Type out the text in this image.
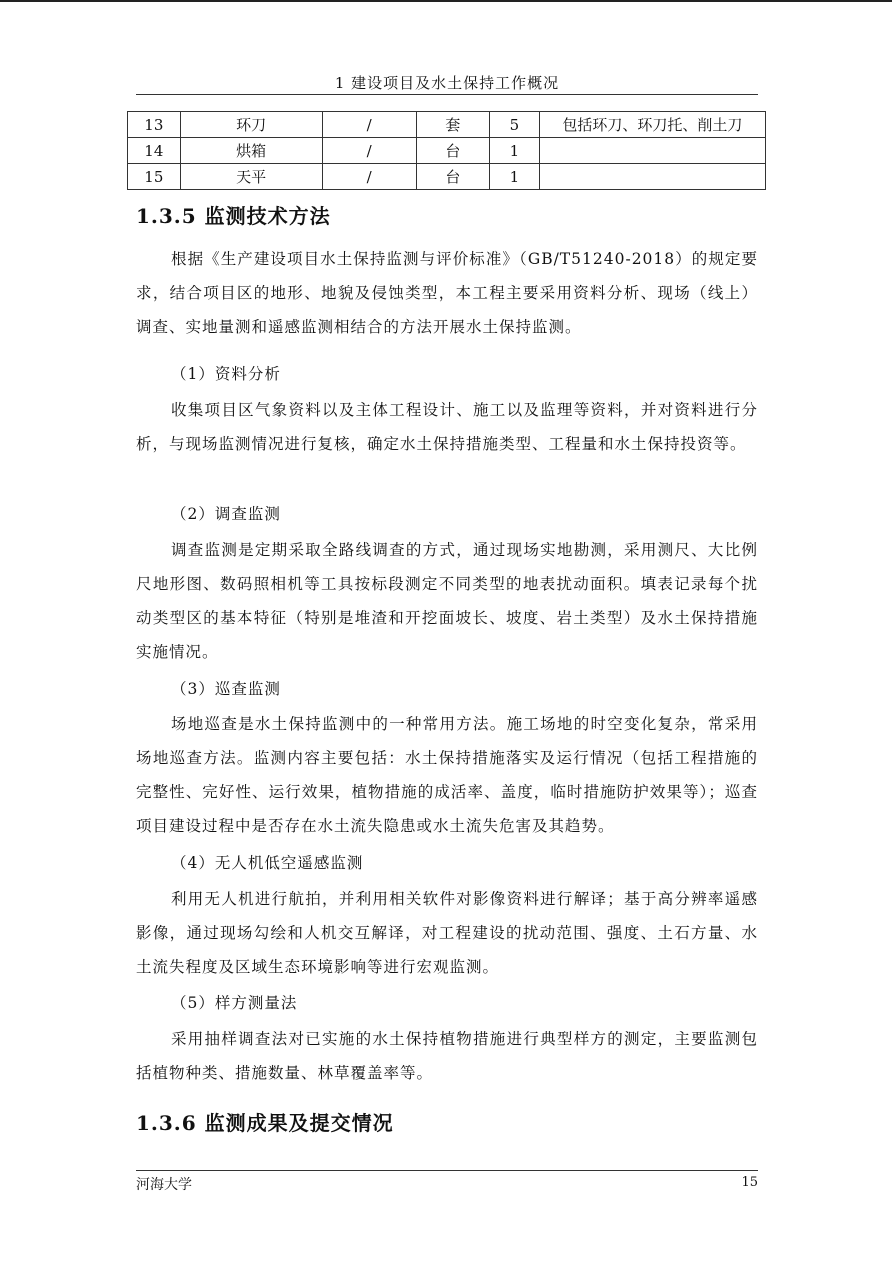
1 建设项目及水土保持工作概况
13	环刀	/	套	5	包括环刀、环刀托、削土刀
14	烘箱	/	台	1	
15	天平	/	台	1	
1.3.5 监测技术方法

根据《生产建设项目水土保持监测与评价标准》（GB/T51240-2018）的规定要求，结合项目区的地形、地貌及侵蚀类型，本工程主要采用资料分析、现场（线上）调查、实地量测和遥感监测相结合的方法开展水土保持监测。

（1）资料分析

收集项目区气象资料以及主体工程设计、施工以及监理等资料，并对资料进行分析，与现场监测情况进行复核，确定水土保持措施类型、工程量和水土保持投资等。

（2）调查监测

调查监测是定期采取全路线调查的方式，通过现场实地勘测，采用测尺、大比例尺地形图、数码照相机等工具按标段测定不同类型的地表扰动面积。填表记录每个扰动类型区的基本特征（特别是堆渣和开挖面坡长、坡度、岩土类型）及水土保持措施实施情况。

（3）巡查监测

场地巡查是水土保持监测中的一种常用方法。施工场地的时空变化复杂，常采用场地巡查方法。监测内容主要包括：水土保持措施落实及运行情况（包括工程措施的完整性、完好性、运行效果，植物措施的成活率、盖度，临时措施防护效果等）；巡查项目建设过程中是否存在水土流失隐患或水土流失危害及其趋势。

（4）无人机低空遥感监测

利用无人机进行航拍，并利用相关软件对影像资料进行解译；基于高分辨率遥感影像，通过现场勾绘和人机交互解译，对工程建设的扰动范围、强度、土石方量、水土流失程度及区域生态环境影响等进行宏观监测。

（5）样方测量法

采用抽样调查法对已实施的水土保持植物措施进行典型样方的测定，主要监测包括植物种类、措施数量、林草覆盖率等。

1.3.6 监测成果及提交情况
河海大学	15
